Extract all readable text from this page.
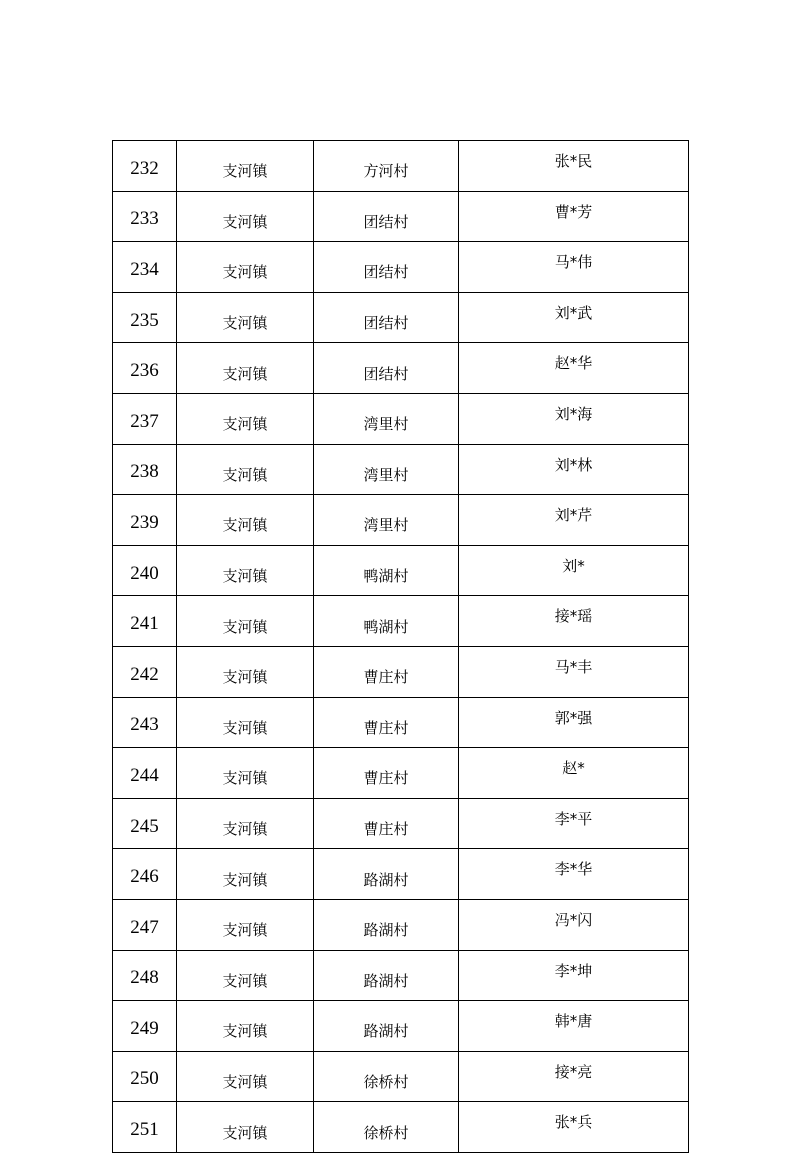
232	支河镇	方河村	张*民
233	支河镇	团结村	曹*芳
234	支河镇	团结村	马*伟
235	支河镇	团结村	刘*武
236	支河镇	团结村	赵*华
237	支河镇	湾里村	刘*海
238	支河镇	湾里村	刘*林
239	支河镇	湾里村	刘*芹
240	支河镇	鸭湖村	刘*
241	支河镇	鸭湖村	接*瑶
242	支河镇	曹庄村	马*丰
243	支河镇	曹庄村	郭*强
244	支河镇	曹庄村	赵*
245	支河镇	曹庄村	李*平
246	支河镇	路湖村	李*华
247	支河镇	路湖村	冯*闪
248	支河镇	路湖村	李*坤
249	支河镇	路湖村	韩*唐
250	支河镇	徐桥村	接*亮
251	支河镇	徐桥村	张*兵
